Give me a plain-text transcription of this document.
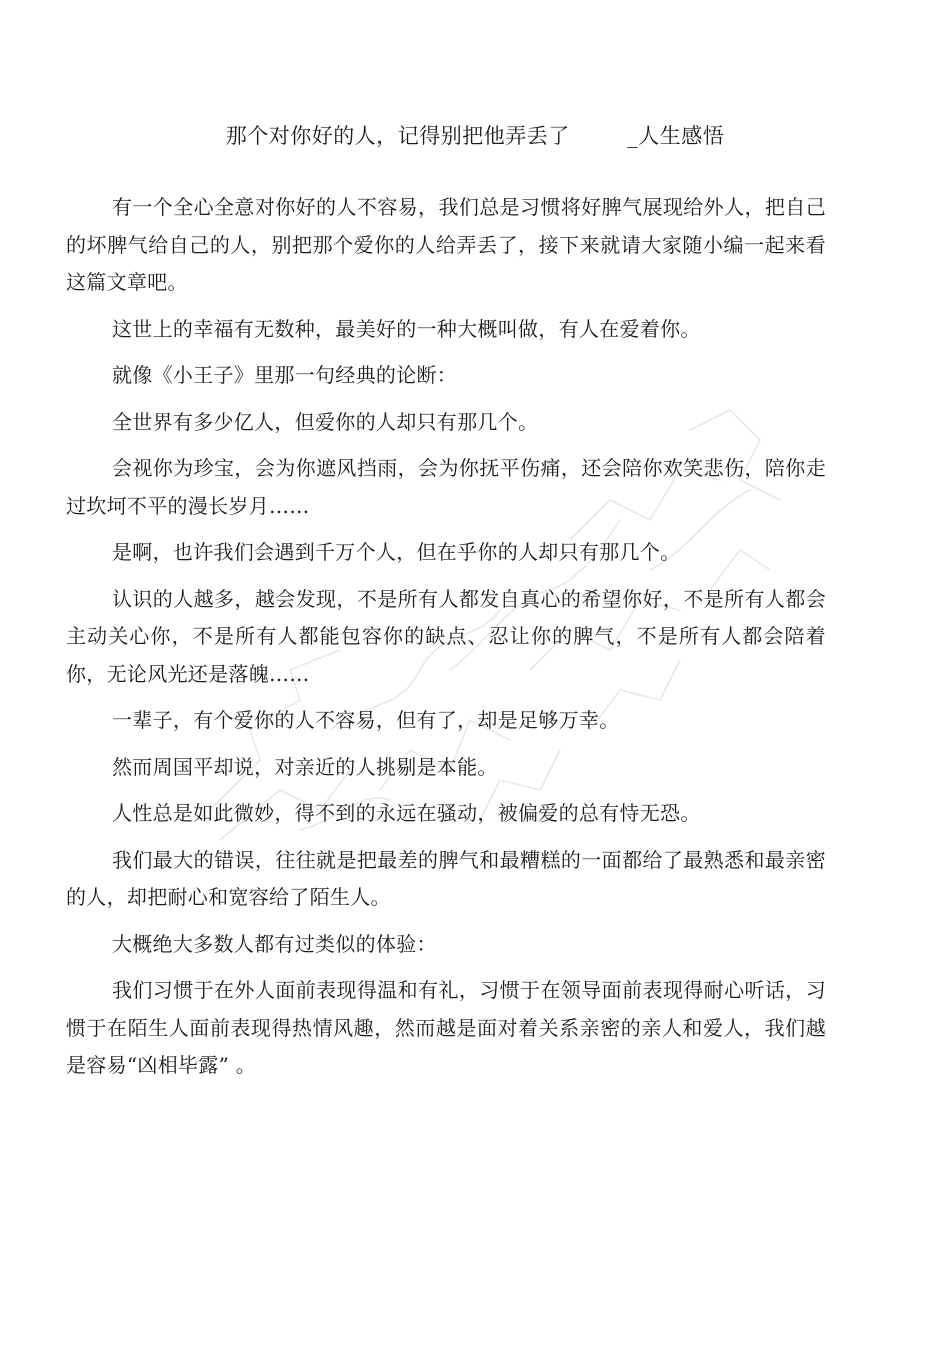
那个对你好的人，记得别把他弄丢了        _人生感悟

有一个全心全意对你好的人不容易，我们总是习惯将好脾气展现给外人，把自己的坏脾气给自己的人，别把那个爱你的人给弄丢了，接下来就请大家随小编一起来看这篇文章吧。

这世上的幸福有无数种，最美好的一种大概叫做，有人在爱着你。

就像《小王子》里那一句经典的论断：

全世界有多少亿人，但爱你的人却只有那几个。

会视你为珍宝，会为你遮风挡雨，会为你抚平伤痛，还会陪你欢笑悲伤，陪你走过坎坷不平的漫长岁月……

是啊，也许我们会遇到千万个人，但在乎你的人却只有那几个。

认识的人越多，越会发现，不是所有人都发自真心的希望你好，不是所有人都会主动关心你，不是所有人都能包容你的缺点、忍让你的脾气，不是所有人都会陪着你，无论风光还是落魄……

一辈子，有个爱你的人不容易，但有了，却是足够万幸。

然而周国平却说，对亲近的人挑剔是本能。

人性总是如此微妙，得不到的永远在骚动，被偏爱的总有恃无恐。

我们最大的错误，往往就是把最差的脾气和最糟糕的一面都给了最熟悉和最亲密的人，却把耐心和宽容给了陌生人。

大概绝大多数人都有过类似的体验：

我们习惯于在外人面前表现得温和有礼，习惯于在领导面前表现得耐心听话，习惯于在陌生人面前表现得热情风趣，然而越是面对着关系亲密的亲人和爱人，我们越是容易“凶相毕露” 。
